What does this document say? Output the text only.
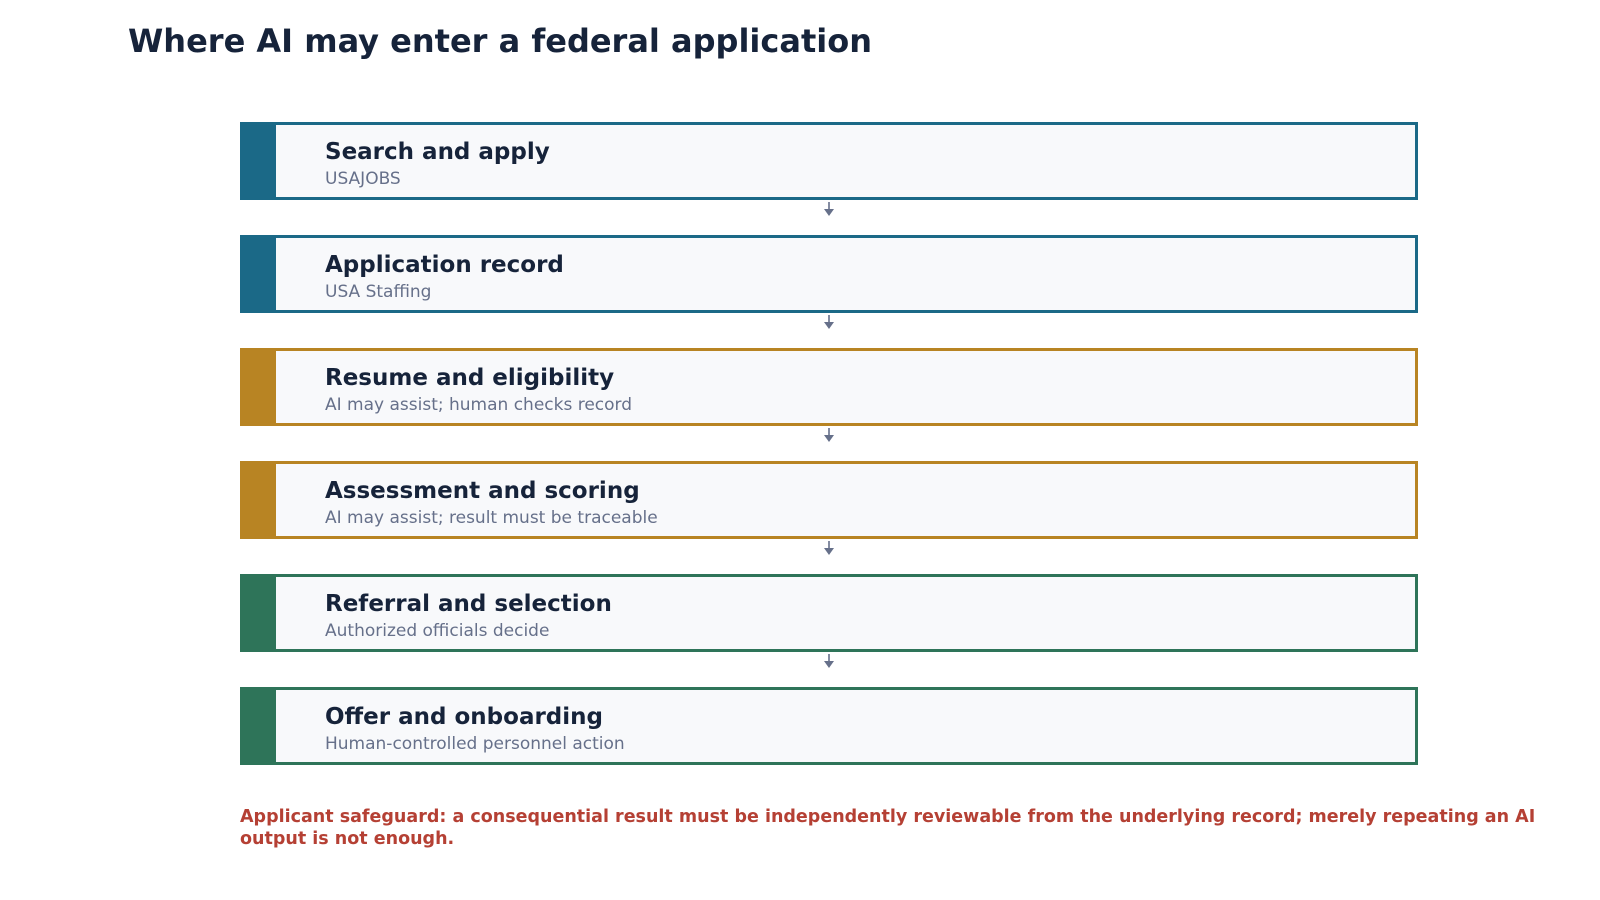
Where AI may enter a federal application
Search and apply
USAJOBS
Application record
USA Staffing
Resume and eligibility
AI may assist; human checks record
Assessment and scoring
AI may assist; result must be traceable
Referral and selection
Authorized officials decide
Offer and onboarding
Human-controlled personnel action

Applicant safeguard: a consequential result must be independently reviewable from the underlying record; merely repeating an AI output is not enough.
